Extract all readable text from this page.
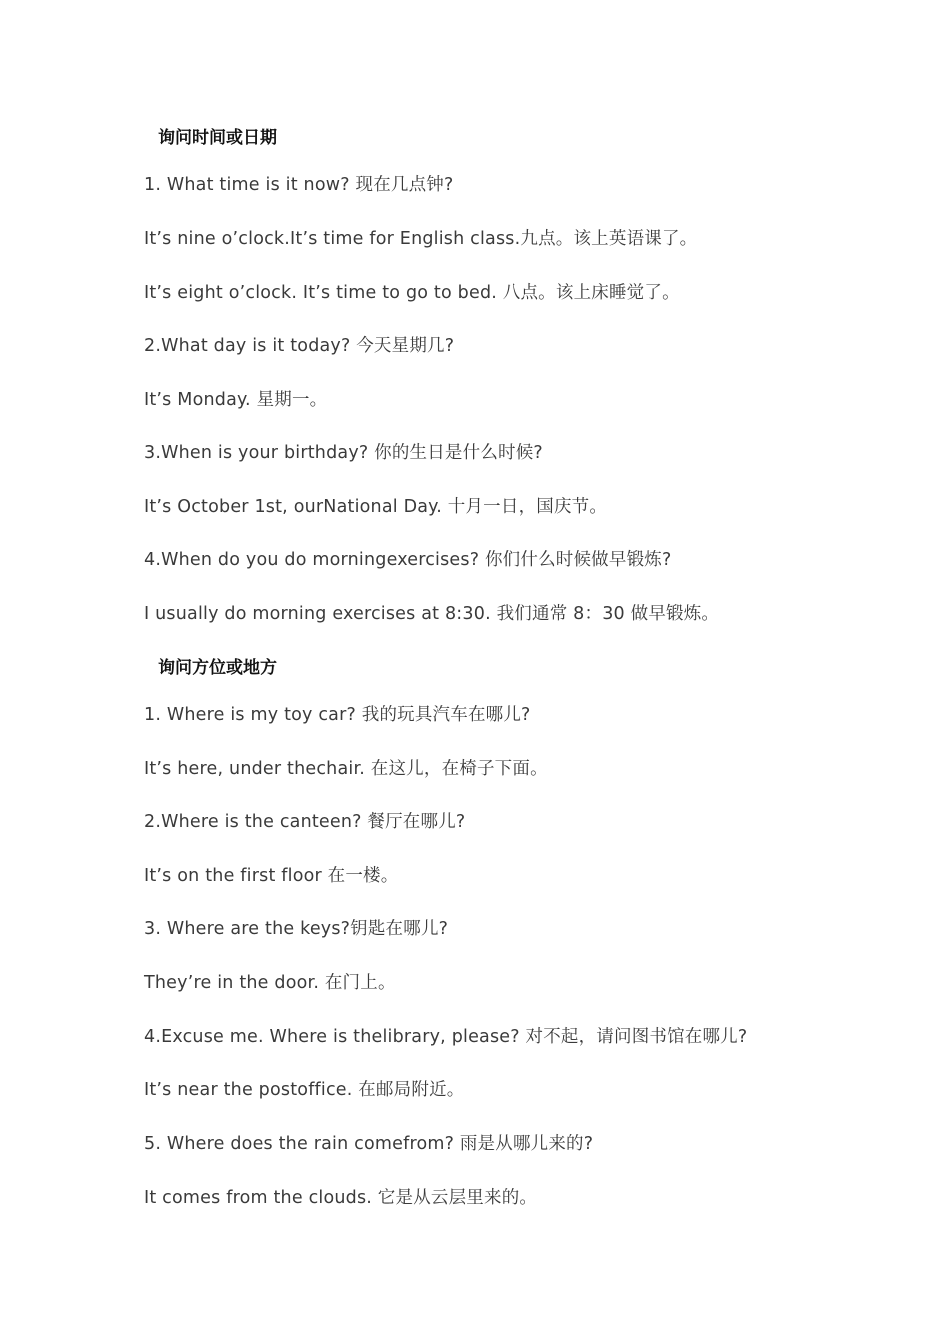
询问时间或日期
1. What time is it now? 现在几点钟?
It’s nine o’clock.It’s time for English class.九点。该上英语课了。
It’s eight o’clock. It’s time to go to bed. 八点。该上床睡觉了。
2.What day is it today? 今天星期几?
It’s Monday. 星期一。
3.When is your birthday? 你的生日是什么时候?
It’s October 1st, ourNational Day. 十月一日，国庆节。
4.When do you do morningexercises? 你们什么时候做早锻炼?
I usually do morning exercises at 8:30. 我们通常 8：30 做早锻炼。
询问方位或地方
1. Where is my toy car? 我的玩具汽车在哪儿?
It’s here, under thechair. 在这儿，在椅子下面。
2.Where is the canteen? 餐厅在哪儿?
It’s on the first floor 在一楼。
3. Where are the keys?钥匙在哪儿?
They’re in the door. 在门上。
4.Excuse me. Where is thelibrary, please? 对不起，请问图书馆在哪儿?
It’s near the postoffice. 在邮局附近。
5. Where does the rain comefrom? 雨是从哪儿来的?
It comes from the clouds. 它是从云层里来的。
